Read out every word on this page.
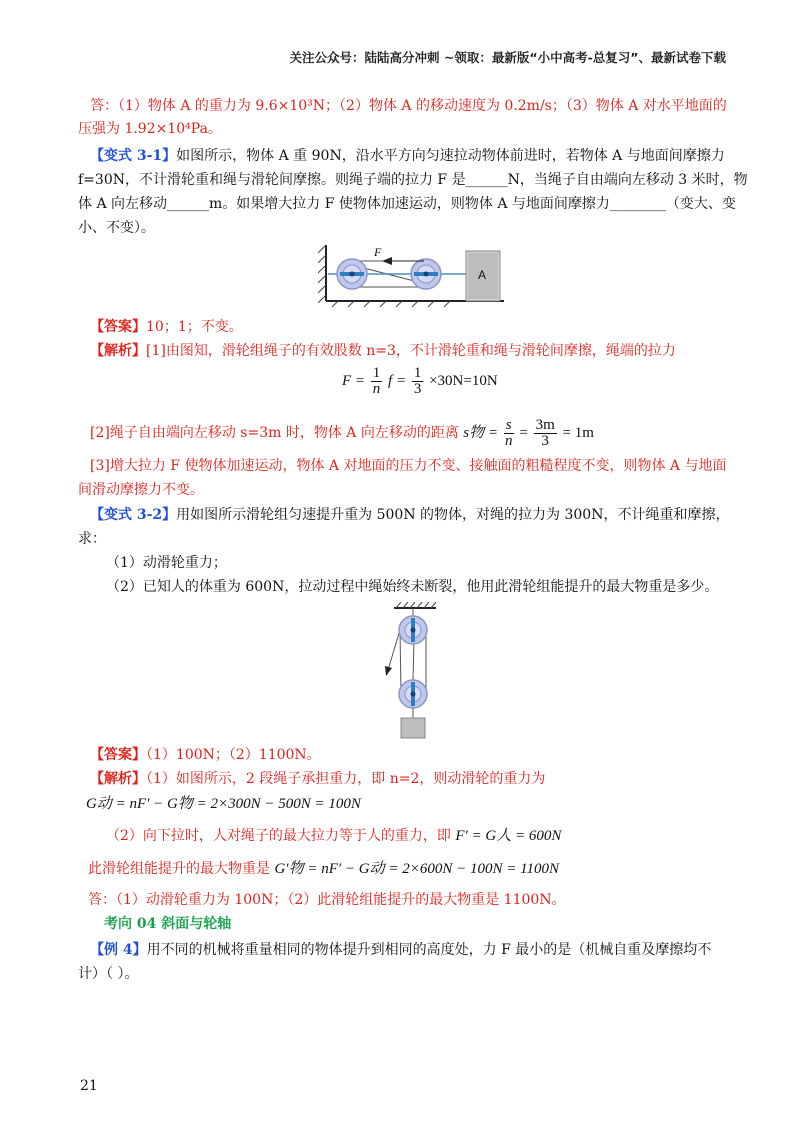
关注公众号：陆陆高分冲刺 ~领取：最新版“小中高考-总复习”、最新试卷下载
答：（1）物体 A 的重力为 9.6×10³N；（2）物体 A 的移动速度为 0.2m/s；（3）物体 A 对水平地面的
压强为 1.92×10⁴Pa。
【变式 3-1】如图所示，物体 A 重 90N，沿水平方向匀速拉动物体前进时，若物体 A 与地面间摩擦力
f=30N，不计滑轮重和绳与滑轮间摩擦。则绳子端的拉力 F 是______N，当绳子自由端向左移动 3 米时，物
体 A 向左移动______m。如果增大拉力 F 使物体加速运动，则物体 A 与地面间摩擦力________（变大、变
小、不变）。
F
A
【答案】10；1；不变。
【解析】[1]由图知，滑轮组绳子的有效股数 n=3，不计滑轮重和绳与滑轮间摩擦，绳端的拉力
$F = \frac{1}{n}$ $f = \frac{1}{3} \times 30N=10N$
[2]绳子自由端向左移动 s=3m 时，物体 A 向左移动的距离 s物 = $\frac{s}{n} = \frac{3m}{3} = 1m$
[3]增大拉力 F 使物体加速运动，物体 A 对地面的压力不变、接触面的粗糙程度不变，则物体 A 与地面
间滑动摩擦力不变。
【变式 3-2】用如图所示滑轮组匀速提升重为 500N 的物体，对绳的拉力为 300N，不计绳重和摩擦，
求：
（1）动滑轮重力；
（2）已知人的体重为 600N，拉动过程中绳始终未断裂，他用此滑轮组能提升的最大物重是多少。
【答案】（1）100N；（2）1100N。
【解析】（1）如图所示，2 段绳子承担重力，即 n=2，则动滑轮的重力为
G动 = nF′ − G物 = 2×300N − 500N = 100N
（2）向下拉时，人对绳子的最大拉力等于人的重力，即 F′ = G人 = 600N
此滑轮组能提升的最大物重是 G′物 = nF′ − G动 = 2×600N − 100N = 1100N
答：（1）动滑轮重力为 100N；（2）此滑轮组能提升的最大物重是 1100N。
考向 04 斜面与轮轴
【例 4】用不同的机械将重量相同的物体提升到相同的高度处，力 F 最小的是（机械自重及摩擦均不
计）（ ）。
21
